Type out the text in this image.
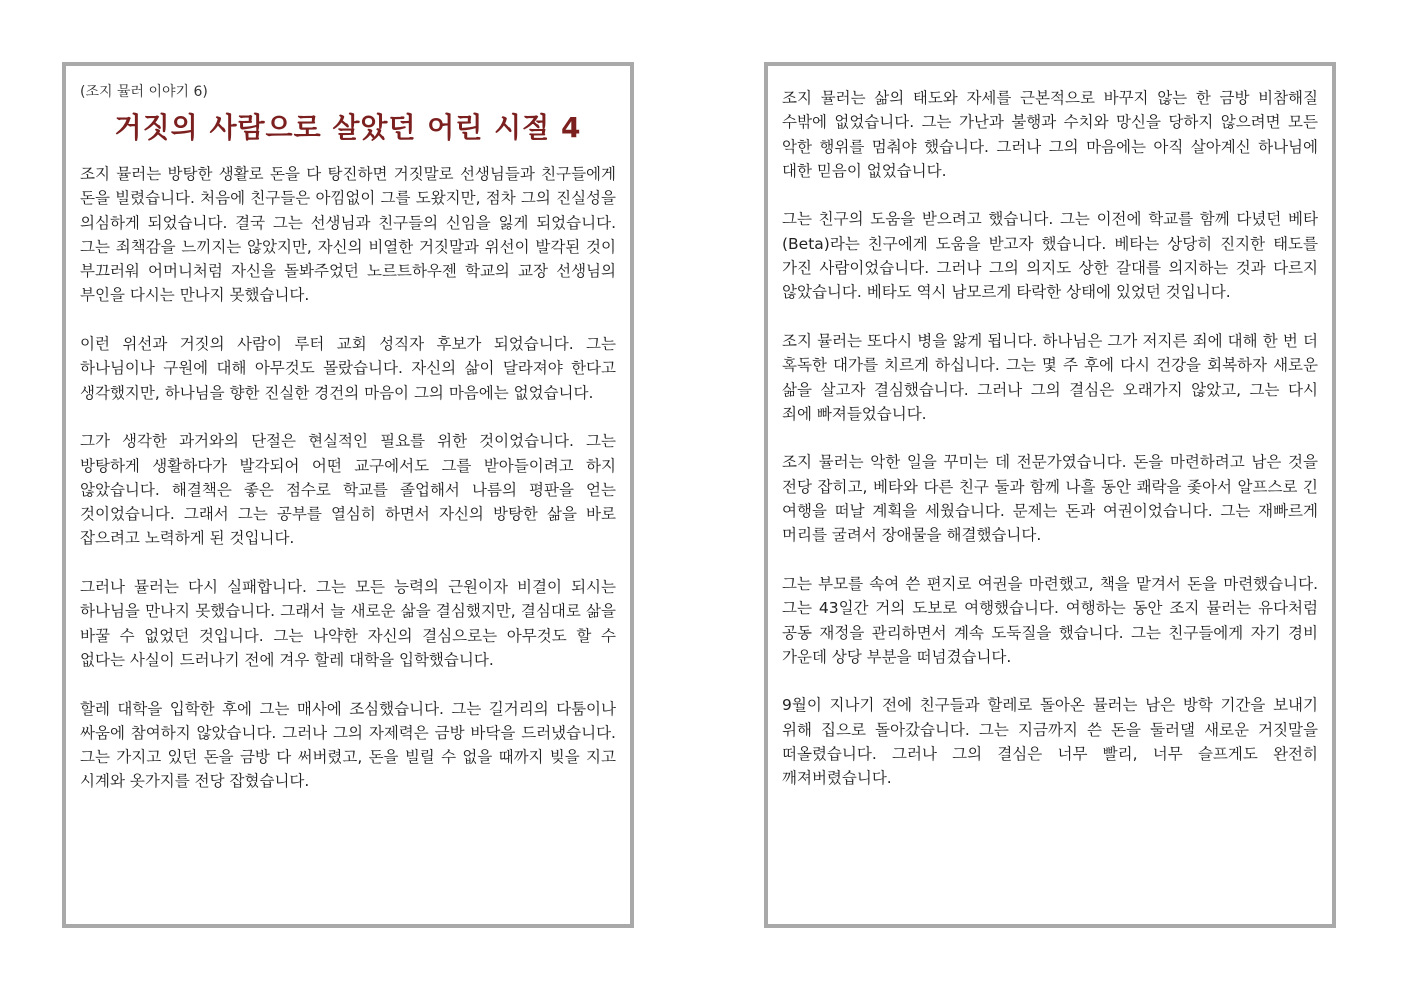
(조지 뮬러 이야기 6)
거짓의 사람으로 살았던 어린 시절 4

조지 뮬러는 방탕한 생활로 돈을 다 탕진하면 거짓말로 선생님들과 친구들에게 돈을 빌렸습니다. 처음에 친구들은 아낌없이 그를 도왔지만, 점차 그의 진실성을 의심하게 되었습니다. 결국 그는 선생님과 친구들의 신임을 잃게 되었습니다. 그는 죄책감을 느끼지는 않았지만, 자신의 비열한 거짓말과 위선이 발각된 것이 부끄러워 어머니처럼 자신을 돌봐주었던 노르트하우젠 학교의 교장 선생님의 부인을 다시는 만나지 못했습니다.

이런 위선과 거짓의 사람이 루터 교회 성직자 후보가 되었습니다. 그는 하나님이나 구원에 대해 아무것도 몰랐습니다. 자신의 삶이 달라져야 한다고 생각했지만, 하나님을 향한 진실한 경건의 마음이 그의 마음에는 없었습니다.

그가 생각한 과거와의 단절은 현실적인 필요를 위한 것이었습니다. 그는 방탕하게 생활하다가 발각되어 어떤 교구에서도 그를 받아들이려고 하지 않았습니다. 해결책은 좋은 점수로 학교를 졸업해서 나름의 평판을 얻는 것이었습니다. 그래서 그는 공부를 열심히 하면서 자신의 방탕한 삶을 바로 잡으려고 노력하게 된 것입니다.

그러나 뮬러는 다시 실패합니다. 그는 모든 능력의 근원이자 비결이 되시는 하나님을 만나지 못했습니다. 그래서 늘 새로운 삶을 결심했지만, 결심대로 삶을 바꿀 수 없었던 것입니다. 그는 나약한 자신의 결심으로는 아무것도 할 수 없다는 사실이 드러나기 전에 겨우 할레 대학을 입학했습니다.

할레 대학을 입학한 후에 그는 매사에 조심했습니다. 그는 길거리의 다툼이나 싸움에 참여하지 않았습니다. 그러나 그의 자제력은 금방 바닥을 드러냈습니다. 그는 가지고 있던 돈을 금방 다 써버렸고, 돈을 빌릴 수 없을 때까지 빚을 지고 시계와 옷가지를 전당 잡혔습니다.

조지 뮬러는 삶의 태도와 자세를 근본적으로 바꾸지 않는 한 금방 비참해질 수밖에 없었습니다. 그는 가난과 불행과 수치와 망신을 당하지 않으려면 모든 악한 행위를 멈춰야 했습니다. 그러나 그의 마음에는 아직 살아계신 하나님에 대한 믿음이 없었습니다.

그는 친구의 도움을 받으려고 했습니다. 그는 이전에 학교를 함께 다녔던 베타(Beta)라는 친구에게 도움을 받고자 했습니다. 베타는 상당히 진지한 태도를 가진 사람이었습니다. 그러나 그의 의지도 상한 갈대를 의지하는 것과 다르지 않았습니다. 베타도 역시 남모르게 타락한 상태에 있었던 것입니다.

조지 뮬러는 또다시 병을 앓게 됩니다. 하나님은 그가 저지른 죄에 대해 한 번 더 혹독한 대가를 치르게 하십니다. 그는 몇 주 후에 다시 건강을 회복하자 새로운 삶을 살고자 결심했습니다. 그러나 그의 결심은 오래가지 않았고, 그는 다시 죄에 빠져들었습니다.

조지 뮬러는 악한 일을 꾸미는 데 전문가였습니다. 돈을 마련하려고 남은 것을 전당 잡히고, 베타와 다른 친구 둘과 함께 나흘 동안 쾌락을 좇아서 알프스로 긴 여행을 떠날 계획을 세웠습니다. 문제는 돈과 여권이었습니다. 그는 재빠르게 머리를 굴려서 장애물을 해결했습니다.

그는 부모를 속여 쓴 편지로 여권을 마련했고, 책을 맡겨서 돈을 마련했습니다. 그는 43일간 거의 도보로 여행했습니다. 여행하는 동안 조지 뮬러는 유다처럼 공동 재정을 관리하면서 계속 도둑질을 했습니다. 그는 친구들에게 자기 경비 가운데 상당 부분을 떠넘겼습니다.

9월이 지나기 전에 친구들과 할레로 돌아온 뮬러는 남은 방학 기간을 보내기 위해 집으로 돌아갔습니다. 그는 지금까지 쓴 돈을 둘러댈 새로운 거짓말을 떠올렸습니다. 그러나 그의 결심은 너무 빨리, 너무 슬프게도 완전히 깨져버렸습니다.
